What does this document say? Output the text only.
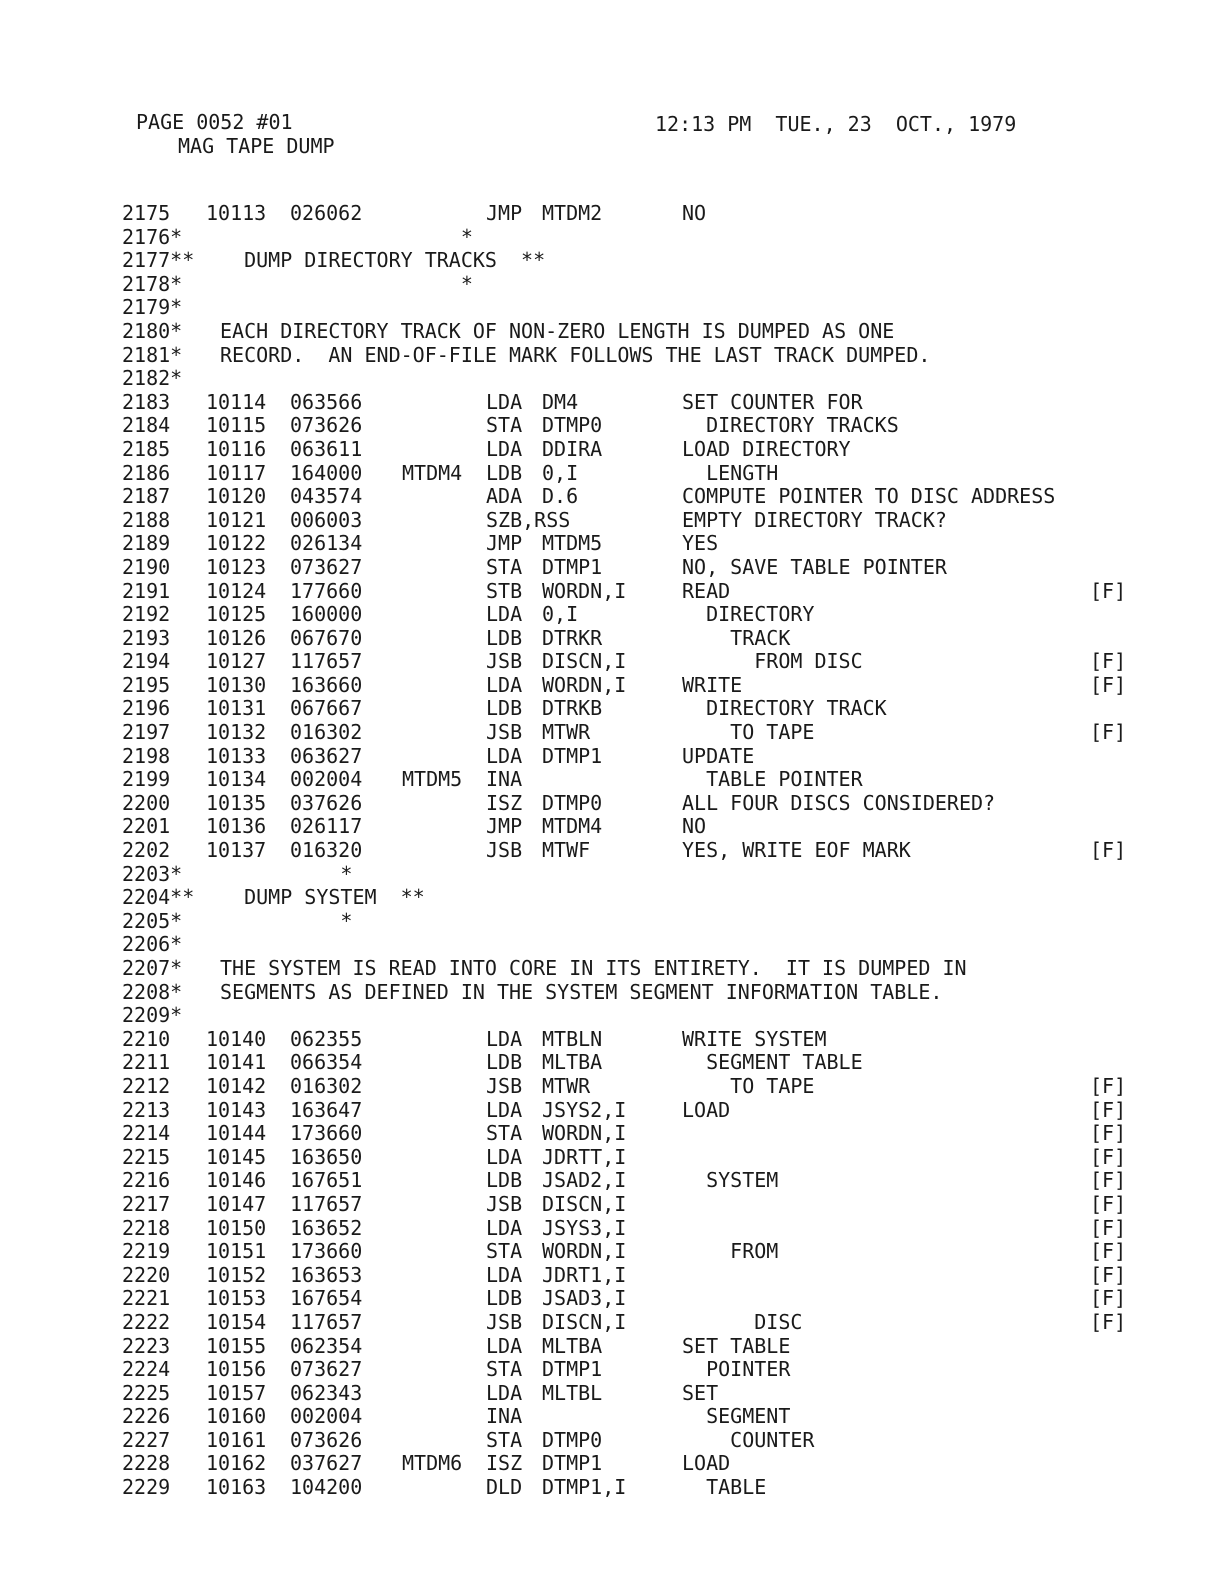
PAGE 0052 #01	12:13 PM  TUE., 23  OCT., 1979
MAG TAPE DUMP
2175 10113 026062	JMP MTDM2	NO
2176* *
2177** DUMP DIRECTORY TRACKS  **
2178* *
2179*
2180* EACH DIRECTORY TRACK OF NON-ZERO LENGTH IS DUMPED AS ONE
2181* RECORD.  AN END-OF-FILE MARK FOLLOWS THE LAST TRACK DUMPED.
2182*
2183 10114 063566	LDA DM4	SET COUNTER FOR
2184 10115 073626	STA DTMP0	DIRECTORY TRACKS
2185 10116 063611	LDA DDIRA	LOAD DIRECTORY
2186 10117 164000 MTDM4 LDB 0,I	LENGTH
2187 10120 043574	ADA D.6	COMPUTE POINTER TO DISC ADDRESS
2188 10121 006003	SZB,RSS	EMPTY DIRECTORY TRACK?
2189 10122 026134	JMP MTDM5	YES
2190 10123 073627	STA DTMP1	NO, SAVE TABLE POINTER
2191 10124 177660	STB WORDN,I	READ	[F]
2192 10125 160000	LDA 0,I	DIRECTORY
2193 10126 067670	LDB DTRKR	TRACK
2194 10127 117657	JSB DISCN,I	FROM DISC	[F]
2195 10130 163660	LDA WORDN,I	WRITE	[F]
2196 10131 067667	LDB DTRKB	DIRECTORY TRACK
2197 10132 016302	JSB MTWR	TO TAPE	[F]
2198 10133 063627	LDA DTMP1	UPDATE
2199 10134 002004 MTDM5 INA	TABLE POINTER
2200 10135 037626	ISZ DTMP0	ALL FOUR DISCS CONSIDERED?
2201 10136 026117	JMP MTDM4	NO
2202 10137 016320	JSB MTWF	YES, WRITE EOF MARK	[F]
2203* *
2204** DUMP SYSTEM  **
2205* *
2206*
2207* THE SYSTEM IS READ INTO CORE IN ITS ENTIRETY.  IT IS DUMPED IN
2208* SEGMENTS AS DEFINED IN THE SYSTEM SEGMENT INFORMATION TABLE.
2209*
2210 10140 062355	LDA MTBLN	WRITE SYSTEM
2211 10141 066354	LDB MLTBA	SEGMENT TABLE
2212 10142 016302	JSB MTWR	TO TAPE	[F]
2213 10143 163647	LDA JSYS2,I	LOAD	[F]
2214 10144 173660	STA WORDN,I	[F]
2215 10145 163650	LDA JDRTT,I	[F]
2216 10146 167651	LDB JSAD2,I	SYSTEM	[F]
2217 10147 117657	JSB DISCN,I	[F]
2218 10150 163652	LDA JSYS3,I	[F]
2219 10151 173660	STA WORDN,I	FROM	[F]
2220 10152 163653	LDA JDRT1,I	[F]
2221 10153 167654	LDB JSAD3,I	[F]
2222 10154 117657	JSB DISCN,I	DISC	[F]
2223 10155 062354	LDA MLTBA	SET TABLE
2224 10156 073627	STA DTMP1	POINTER
2225 10157 062343	LDA MLTBL	SET
2226 10160 002004	INA	SEGMENT
2227 10161 073626	STA DTMP0	COUNTER
2228 10162 037627 MTDM6 ISZ DTMP1	LOAD
2229 10163 104200	DLD DTMP1,I	TABLE
